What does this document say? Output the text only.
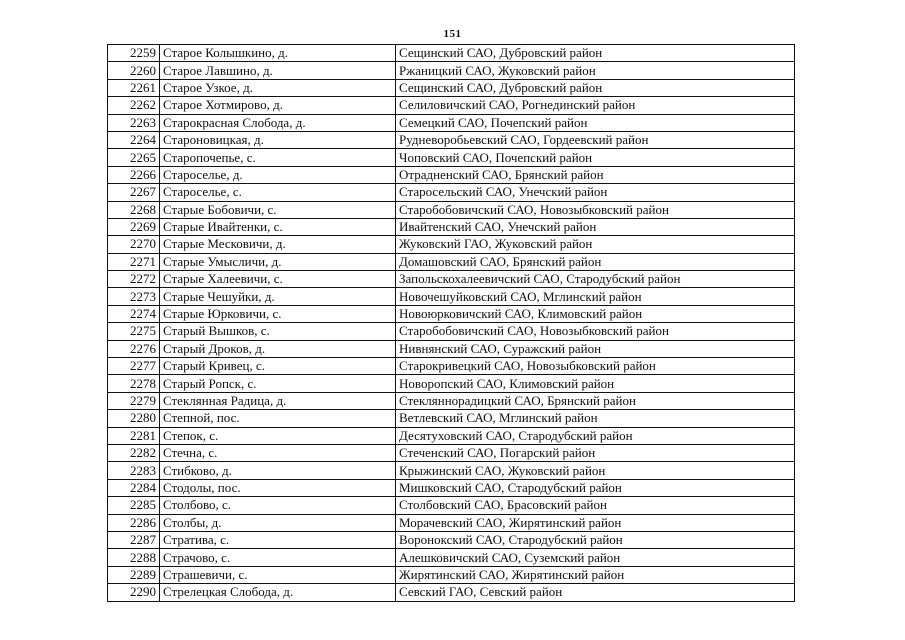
151
2259	Старое Колышкино, д.	Сещинский САО, Дубровский район
2260	Старое Лавшино, д.	Ржаницкий САО, Жуковский район
2261	Старое Узкое, д.	Сещинский САО, Дубровский район
2262	Старое Хотмирово, д.	Селиловичский САО, Рогнединский район
2263	Старокрасная Слобода, д.	Семецкий САО, Почепский район
2264	Староновицкая, д.	Рудневоробьевский САО, Гордеевский район
2265	Старопочепье, с.	Чоповский САО, Почепский район
2266	Староселье, д.	Отрадненский САО, Брянский район
2267	Староселье, с.	Старосельский САО, Унечский район
2268	Старые Бобовичи, с.	Старобобовичский САО, Новозыбковский район
2269	Старые Ивайтенки, с.	Ивайтенский САО, Унечский район
2270	Старые Месковичи, д.	Жуковский ГАО, Жуковский район
2271	Старые Умысличи, д.	Домашовский САО, Брянский район
2272	Старые Халеевичи, с.	Запольскохалеевичский САО, Стародубский район
2273	Старые Чешуйки, д.	Новочешуйковский САО, Мглинский район
2274	Старые Юрковичи, с.	Новоюрковичский САО, Климовский район
2275	Старый Вышков, с.	Старобобовичский САО, Новозыбковский район
2276	Старый Дроков, д.	Нивнянский САО, Суражский район
2277	Старый Кривец, с.	Старокривецкий САО, Новозыбковский район
2278	Старый Ропск, с.	Новоропский САО, Климовский район
2279	Стеклянная Радица, д.	Стекляннорадицкий САО, Брянский район
2280	Степной, пос.	Ветлевский САО, Мглинский район
2281	Степок, с.	Десятуховский САО, Стародубский район
2282	Стечна, с.	Стеченский САО, Погарский район
2283	Стибково, д.	Крыжинский САО, Жуковский район
2284	Стодолы, пос.	Мишковский САО, Стародубский район
2285	Столбово, с.	Столбовский САО, Брасовский район
2286	Столбы, д.	Морачевский САО, Жирятинский район
2287	Стратива, с.	Воронокский САО, Стародубский район
2288	Страчово, с.	Алешковичский САО, Суземский район
2289	Страшевичи, с.	Жирятинский САО, Жирятинский район
2290	Стрелецкая Слобода, д.	Севский ГАО, Севский район
